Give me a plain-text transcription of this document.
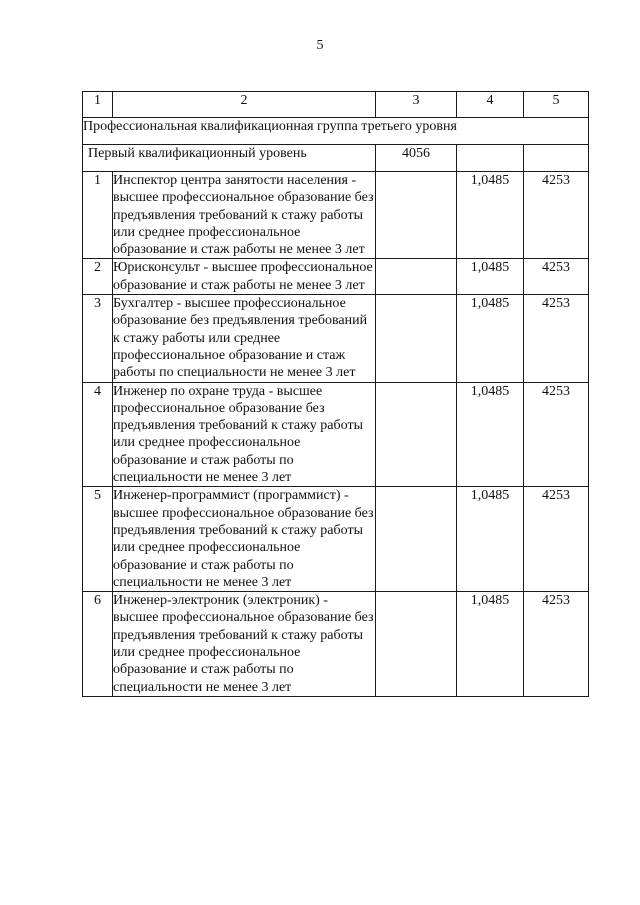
5
1	2	3	4	5
Профессиональная квалификационная группа третьего уровня				
Первый квалификационный уровень		4056		
1	Инспектор центра занятости населения - высшее профессиональное образование без предъявления требований к стажу работы или среднее профессиональное образование и стаж работы не менее 3 лет		1,0485	4253
2	Юрисконсульт - высшее профессиональное образование и стаж работы не менее 3 лет		1,0485	4253
3	Бухгалтер - высшее профессиональное образование без предъявления требований к стажу работы или среднее профессиональное образование и стаж работы по специальности не менее 3 лет		1,0485	4253
4	Инженер по охране труда - высшее профессиональное образование без предъявления требований к стажу работы или среднее профессиональное образование и стаж работы по специальности не менее 3 лет		1,0485	4253
5	Инженер-программист (программист) - высшее профессиональное образование без предъявления требований к стажу работы или среднее профессиональное образование и стаж работы по специальности не менее 3 лет		1,0485	4253
6	Инженер-электроник (электроник) - высшее профессиональное образование без предъявления требований к стажу работы или среднее профессиональное образование и стаж работы по специальности не менее 3 лет		1,0485	4253
